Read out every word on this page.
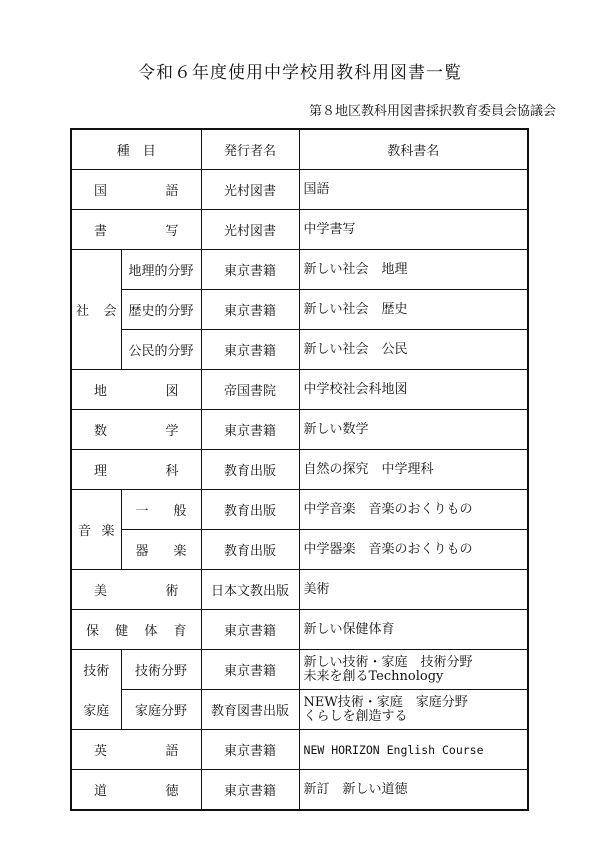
令和６年度使用中学校用教科用図書一覧
第８地区教科用図書採択教育委員会協議会
種　目		発行者名	教科書名
国語		光村図書	国語
書写		光村図書	中学書写
社会	地理的分野	東京書籍	新しい社会　地理
	歴史的分野	東京書籍	新しい社会　歴史
	公民的分野	東京書籍	新しい社会　公民
地図		帝国書院	中学校社会科地図
数学		東京書籍	新しい数学
理科		教育出版	自然の探究　中学理科
音楽	一般	教育出版	中学音楽　音楽のおくりもの
	器楽	教育出版	中学器楽　音楽のおくりもの
美術		日本文教出版	美術
保健体育		東京書籍	新しい保健体育
技術	技術分野	東京書籍	新しい技術・家庭　技術分野
未来を創るTechnology

家庭	家庭分野	教育図書出版	NEW技術・家庭　家庭分野
くらしを創造する

英語		東京書籍	NEW HORIZON English Course
道徳		東京書籍	新訂　新しい道徳
